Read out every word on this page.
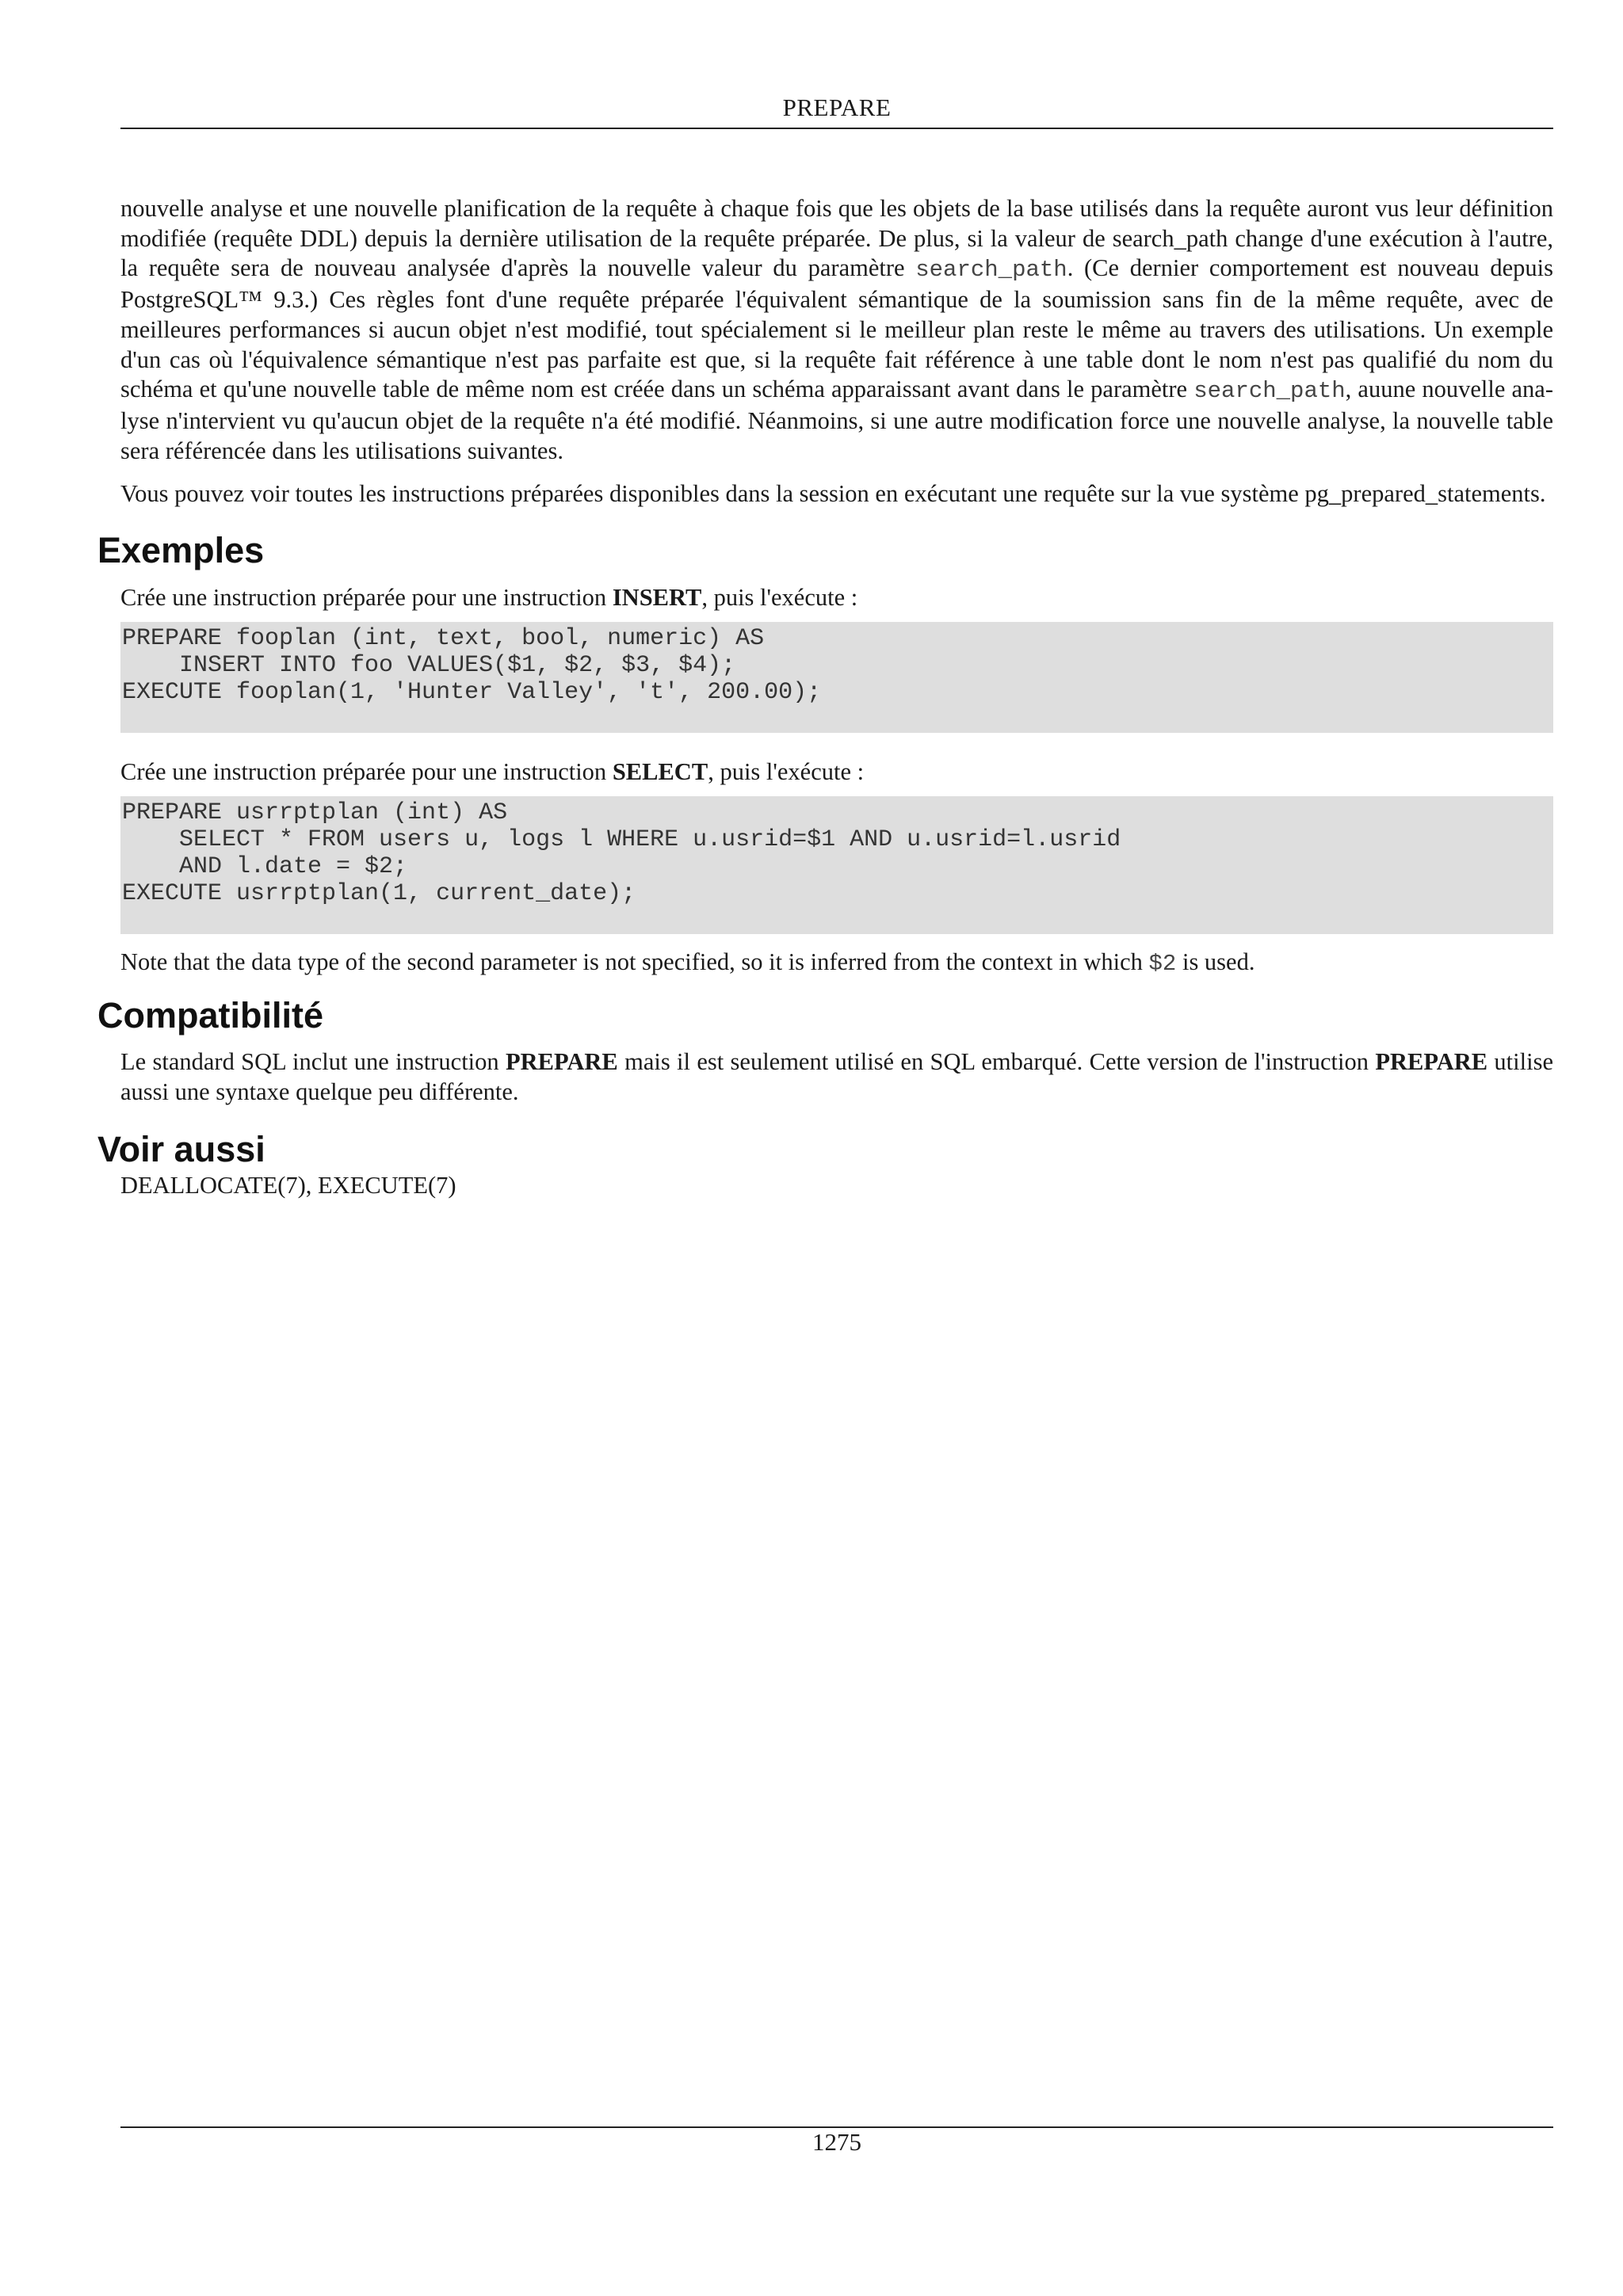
PREPARE

nouvelle analyse et une nouvelle planification de la requête à chaque fois que les objets de la base utilisés dans la requête auront vus leur définition modifiée (requête DDL) depuis la dernière utilisation de la requête préparée. De plus, si la valeur de search_path change d'une exécution à l'autre, la requête sera de nouveau analysée d'après la nouvelle valeur du paramètre search_path. (Ce dernier comportement est nouveau depuis PostgreSQL™ 9.3.) Ces règles font d'une requête préparée l'équivalent sémantique de la soumission sans fin de la même requête, avec de meilleures performances si aucun objet n'est modifié, tout spécialement si le meilleur plan reste le même au travers des utilisations. Un exemple d'un cas où l'équivalence sémantique n'est pas parfaite est que, si la requête fait référence à une table dont le nom n'est pas qualifié du nom du schéma et qu'une nouvelle table de même nom est créée dans un schéma apparaissant avant dans le paramètre search_path, auune nouvelle analyse n'intervient vu qu'aucun objet de la requête n'a été modifié. Néanmoins, si une autre modification force une nouvelle analyse, la nouvelle table sera référencée dans les utilisations suivantes.

Vous pouvez voir toutes les instructions préparées disponibles dans la session en exécutant une requête sur la vue système pg_prepared_statements.

Exemples

Crée une instruction préparée pour une instruction INSERT, puis l'exécute :

PREPARE fooplan (int, text, bool, numeric) AS
INSERT INTO foo VALUES($1, $2, $3, $4);
EXECUTE fooplan(1, 'Hunter Valley', 't', 200.00);

Crée une instruction préparée pour une instruction SELECT, puis l'exécute :

PREPARE usrrptplan (int) AS
SELECT * FROM users u, logs l WHERE u.usrid=$1 AND u.usrid=l.usrid
AND l.date = $2;
EXECUTE usrrptplan(1, current_date);

Note that the data type of the second parameter is not specified, so it is inferred from the context in which $2 is used.

Compatibilité

Le standard SQL inclut une instruction PREPARE mais il est seulement utilisé en SQL embarqué. Cette version de l'instruction PREPARE utilise aussi une syntaxe quelque peu différente.

Voir aussi

DEALLOCATE(7), EXECUTE(7)

1275
